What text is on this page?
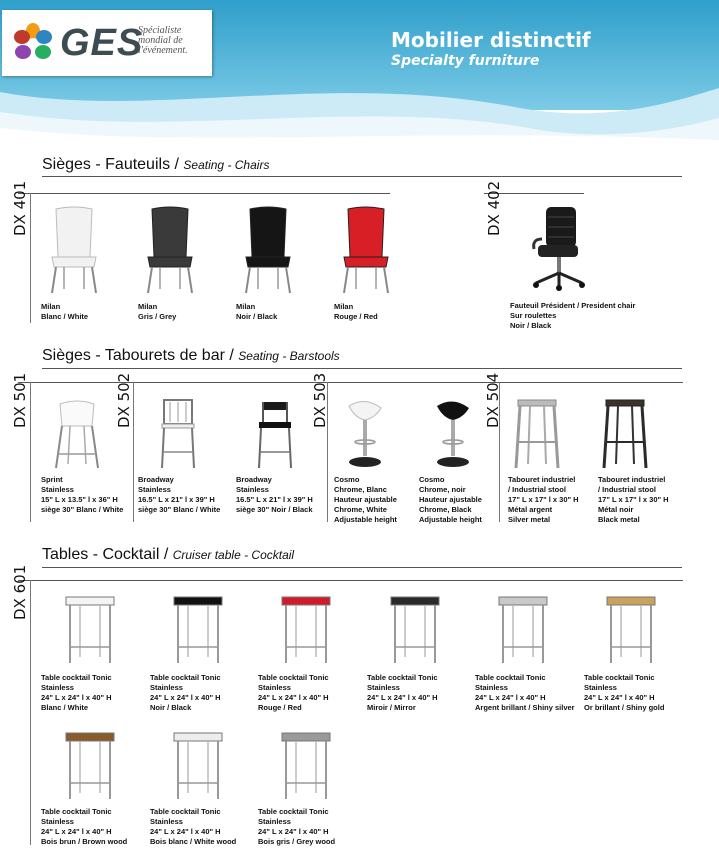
GES
Spécialiste
mondial de
l'événement.	Mobilier distinctif
Specialty furniture
Sièges - Fauteuils / Seating - Chairs
DX 401	DX 402
Milan
Blanc / White
Milan
Gris / Grey
Milan
Noir / Black
Milan
Rouge / Red
Fauteuil Président / President chair
Sur roulettes
Noir / Black
Sièges - Tabourets de bar / Seating - Barstools
DX 501	DX 502	DX 503	DX 504
Sprint
Stainless
15" L x 13.5" l x 36" H
siège 30" Blanc / White
Broadway
Stainless
16.5" L x 21" l x 39" H
siège 30" Blanc / White
Broadway
Stainless
16.5" L x 21" l x 39" H
siège 30" Noir / Black
Cosmo
Chrome, Blanc
Hauteur ajustable
Chrome, White
Adjustable height
Cosmo
Chrome, noir
Hauteur ajustable
Chrome, Black
Adjustable height
Tabouret industriel
/ Industrial stool
17" L x 17" l x 30" H
Métal argent
Silver metal
Tabouret industriel
/ Industrial stool
17" L x 17" l x 30" H
Métal noir
Black metal
Tables - Cocktail / Cruiser table - Cocktail
DX 601
Table cocktail Tonic
Stainless
24" L x 24" l x 40" H
Blanc / White
Table cocktail Tonic
Stainless
24" L x 24" l x 40" H
Noir / Black
Table cocktail Tonic
Stainless
24" L x 24" l x 40" H
Rouge / Red
Table cocktail Tonic
Stainless
24" L x 24" l x 40" H
Miroir / Mirror
Table cocktail Tonic
Stainless
24" L x 24" l x 40" H
Argent brillant / Shiny silver
Table cocktail Tonic
Stainless
24" L x 24" l x 40" H
Or brillant / Shiny gold
Table cocktail Tonic
Stainless
24" L x 24" l x 40" H
Bois brun / Brown wood
Table cocktail Tonic
Stainless
24" L x 24" l x 40" H
Bois blanc / White wood
Table cocktail Tonic
Stainless
24" L x 24" l x 40" H
Bois gris / Grey wood
